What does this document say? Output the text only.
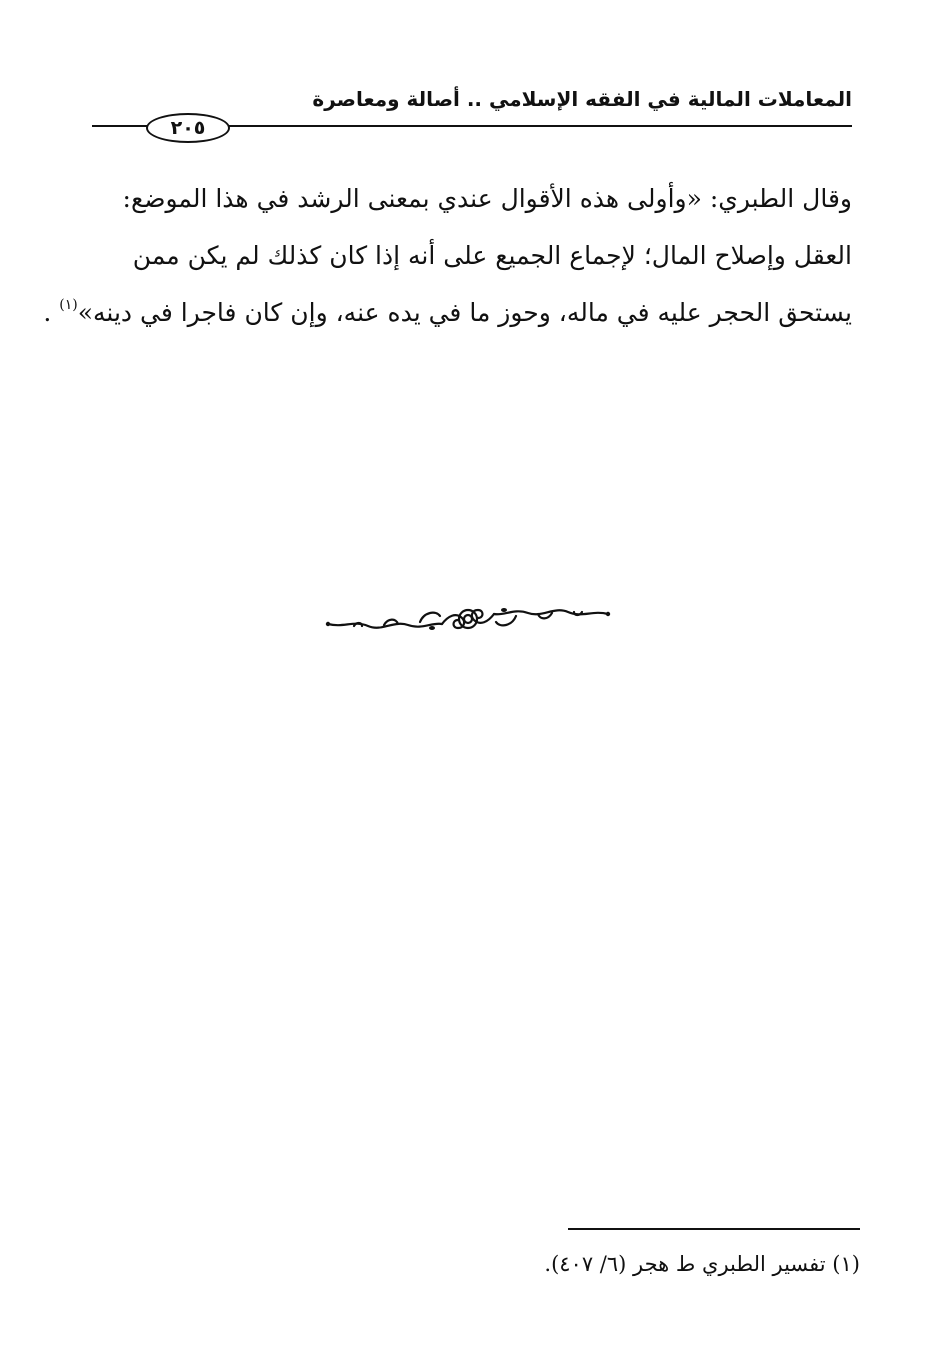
المعاملات المالية في الفقه الإسلامي .. أصالة ومعاصرة
٢٠٥
وقال الطبري: «وأولى هذه الأقوال عندي بمعنى الرشد في هذا الموضع:
العقل وإصلاح المال؛ لإجماع الجميع على أنه إذا كان كذلك لم يكن ممن
يستحق الحجر عليه في ماله، وحوز ما في يده عنه، وإن كان فاجرا في دينه»$^{(١)}$ .
(١) تفسير الطبري ط هجر (٦/ ٤٠٧).
